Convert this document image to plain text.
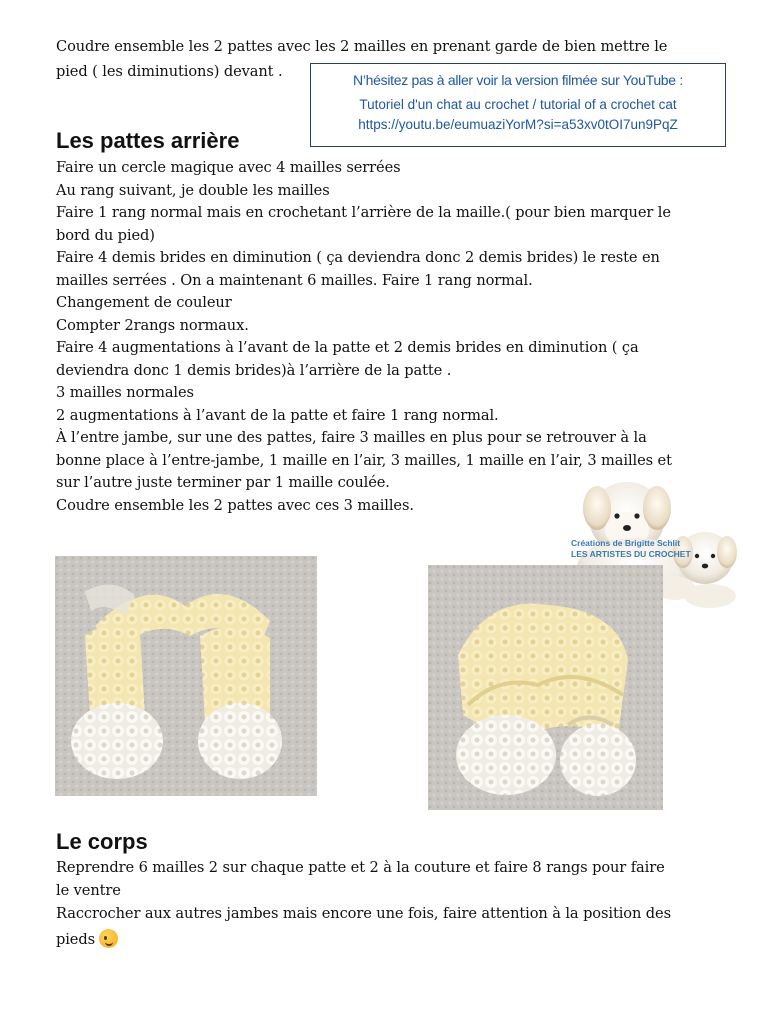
Coudre ensemble les 2 pattes avec les 2 mailles en prenant garde de bien mettre le
pied ( les diminutions) devant .	N’hésitez pas à aller voir la version filmée sur YouTube :
Tutoriel d'un chat au crochet / tutorial of a crochet cat
https://youtu.be/eumuaziYorM?si=a53xv0tOI7un9PqZ
Les pattes arrière
Faire un cercle magique avec 4 mailles serrées
Au rang suivant, je double les mailles
Faire 1 rang normal mais en crochetant l’arrière de la maille.( pour bien marquer le
bord du pied)
Faire 4 demis brides en diminution ( ça deviendra donc 2 demis brides) le reste en
mailles serrées . On a maintenant 6 mailles. Faire 1 rang normal.
Changement de couleur
Compter 2rangs normaux.
Faire 4 augmentations à l’avant de la patte et 2 demis brides en diminution ( ça
deviendra donc 1 demis brides)à l’arrière de la patte .
3 mailles normales
2 augmentations à l’avant de la patte et faire 1 rang normal.
À l’entre jambe, sur une des pattes, faire 3 mailles en plus pour se retrouver à la
bonne place à l’entre-jambe, 1 maille en l’air, 3 mailles, 1 maille en l’air, 3 mailles et
sur l’autre juste terminer par 1 maille coulée.
Coudre ensemble les 2 pattes avec ces 3 mailles.
Créations de Brigitte Schlit
LES ARTISTES DU CROCHET
Le corps
Reprendre 6 mailles 2 sur chaque patte et 2 à la couture et faire 8 rangs pour faire
le ventre
Raccrocher aux autres jambes mais encore une fois, faire attention à la position des
pieds
